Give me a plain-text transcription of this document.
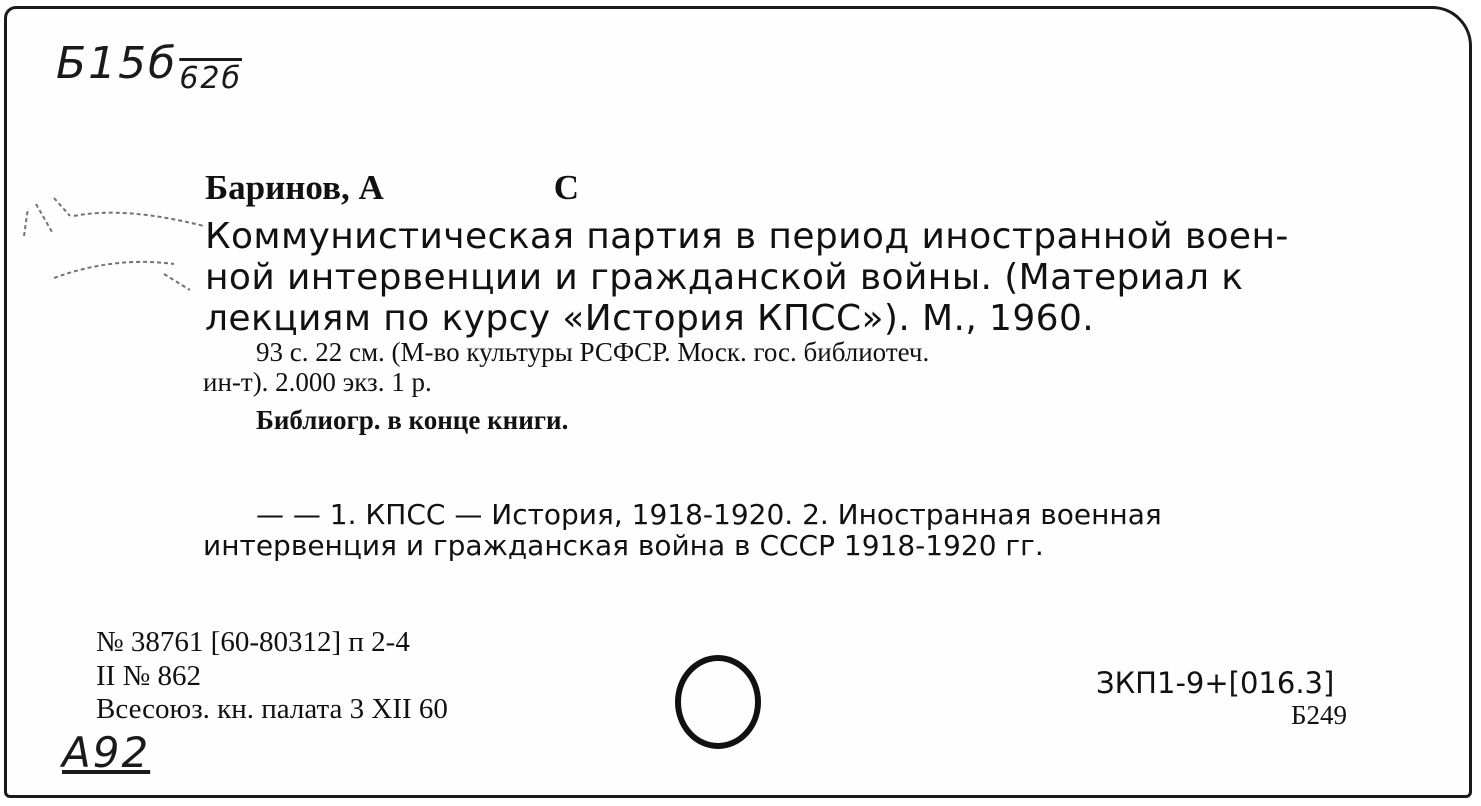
$Б15б_{62б}$
Баринов, А	С
Коммунистическая партия в период иностранной воен-
ной интервенции и гражданской войны. (Материал к
лекциям по курсу «История КПСС»). М., 1960.
93 с. 22 см. (М-во культуры РСФСР. Моск. гос. библиотеч.
ин-т). 2.000 экз. 1 р.
Библиогр. в конце книги.
— — 1. КПСС — История, 1918-1920. 2. Иностранная военная
интервенция и гражданская война в СССР 1918-1920 гг.
№ 38761 [60-80312] п 2-4
II № 862
Всесоюз. кн. палата 3 XII 60
ЗКП1-9+[016.3]
Б249
А92
